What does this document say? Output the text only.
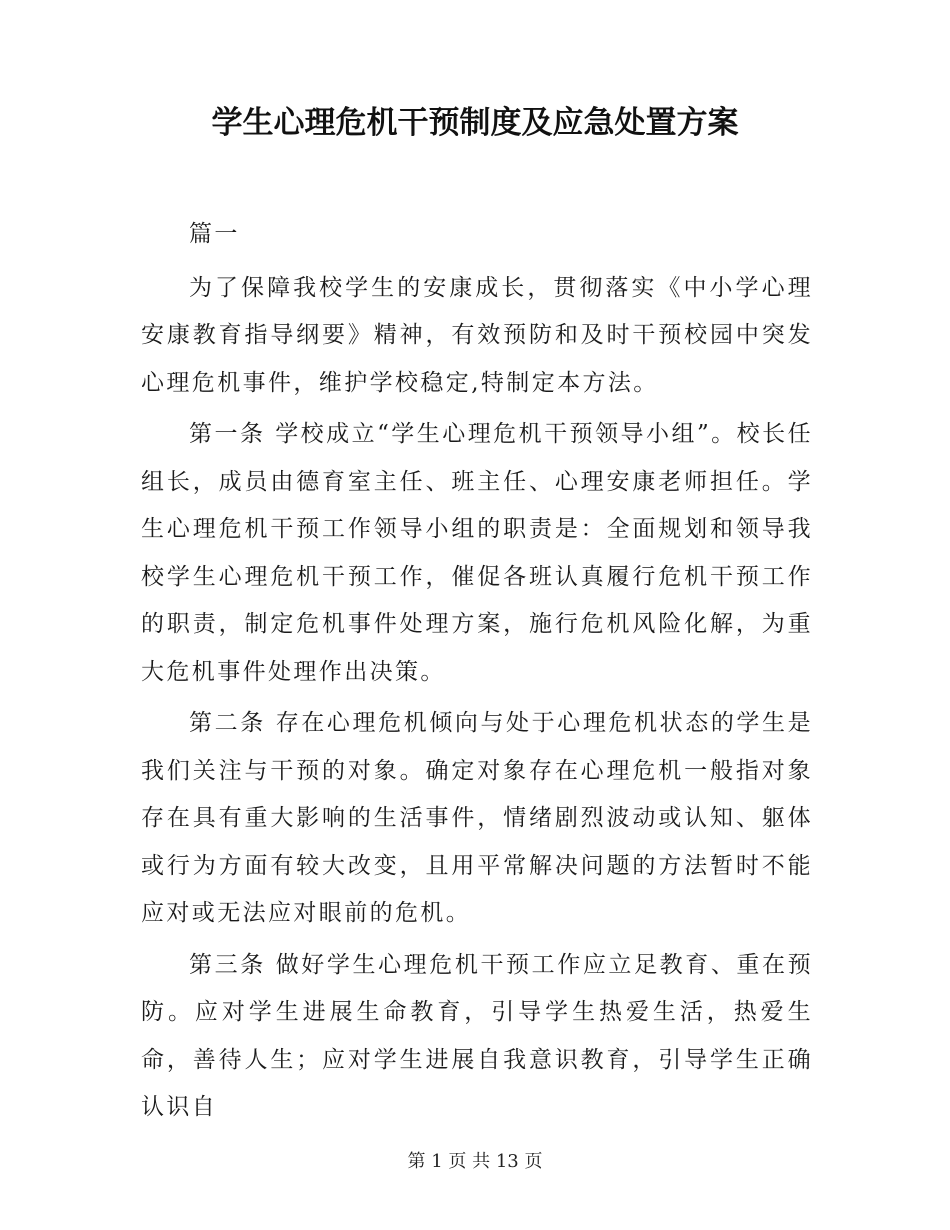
学生心理危机干预制度及应急处置方案

篇一

为了保障我校学生的安康成长，贯彻落实《中小学心理安康教育指导纲要》精神，有效预防和及时干预校园中突发心理危机事件，维护学校稳定,特制定本方法。

第一条 学校成立“学生心理危机干预领导小组”。校长任组长，成员由德育室主任、班主任、心理安康老师担任。学生心理危机干预工作领导小组的职责是：全面规划和领导我校学生心理危机干预工作，催促各班认真履行危机干预工作的职责，制定危机事件处理方案，施行危机风险化解，为重大危机事件处理作出决策。

第二条 存在心理危机倾向与处于心理危机状态的学生是我们关注与干预的对象。确定对象存在心理危机一般指对象存在具有重大影响的生活事件，情绪剧烈波动或认知、躯体或行为方面有较大改变，且用平常解决问题的方法暂时不能应对或无法应对眼前的危机。

第三条 做好学生心理危机干预工作应立足教育、重在预防。应对学生进展生命教育，引导学生热爱生活，热爱生命，善待人生；应对学生进展自我意识教育，引导学生正确认识自

第 1 页 共 13 页
